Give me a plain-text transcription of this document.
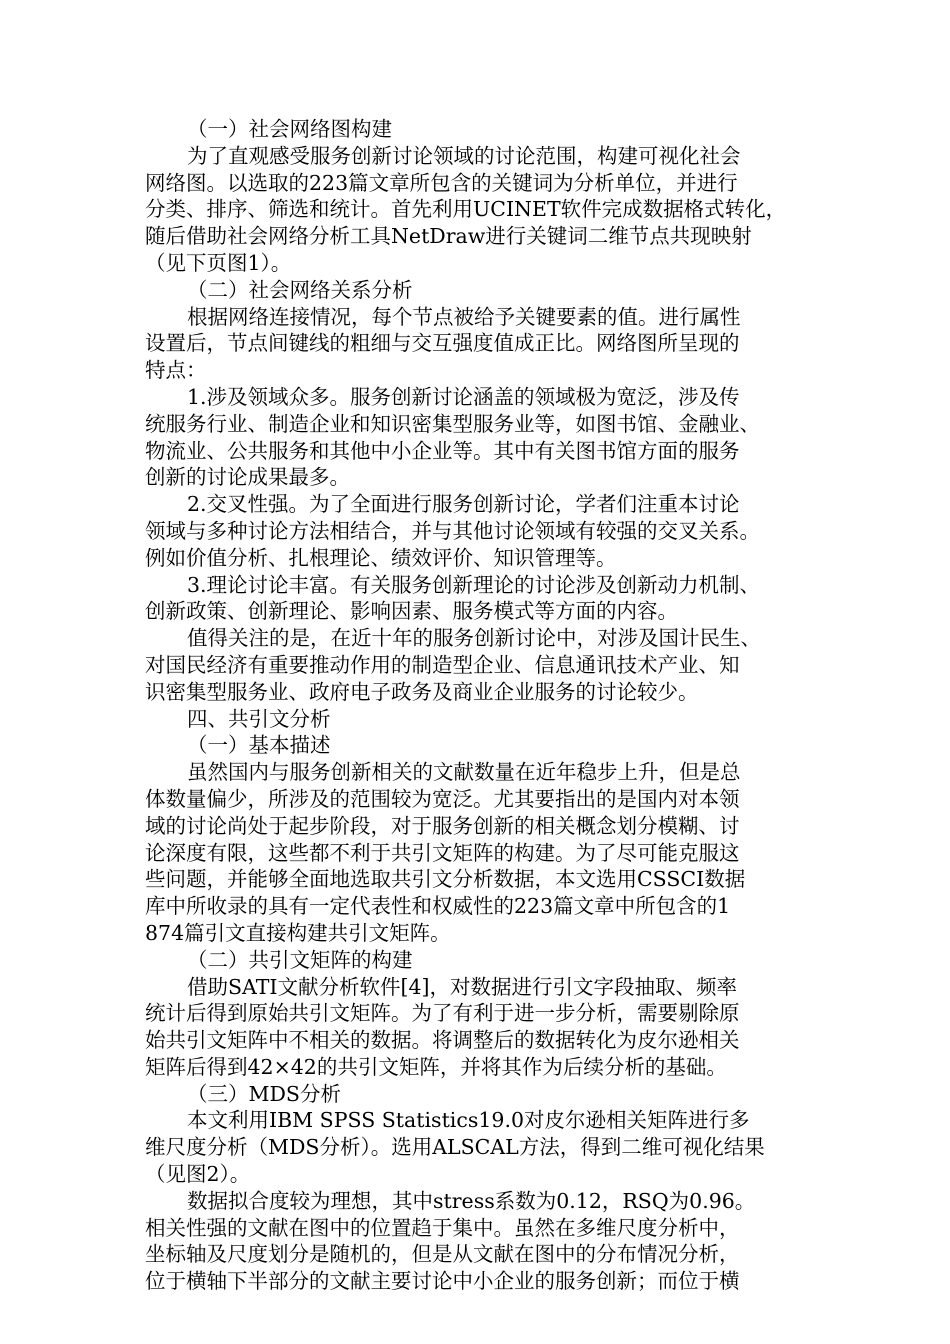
（一）社会网络图构建
为了直观感受服务创新讨论领域的讨论范围，构建可视化社会
网络图。以选取的223篇文章所包含的关键词为分析单位，并进行
分类、排序、筛选和统计。首先利用UCINET软件完成数据格式转化，
随后借助社会网络分析工具NetDraw进行关键词二维节点共现映射
（见下页图1）。
（二）社会网络关系分析
根据网络连接情况，每个节点被给予关键要素的值。进行属性
设置后，节点间键线的粗细与交互强度值成正比。网络图所呈现的
特点：
1.涉及领域众多。服务创新讨论涵盖的领域极为宽泛，涉及传
统服务行业、制造企业和知识密集型服务业等，如图书馆、金融业、
物流业、公共服务和其他中小企业等。其中有关图书馆方面的服务
创新的讨论成果最多。
2.交叉性强。为了全面进行服务创新讨论，学者们注重本讨论
领域与多种讨论方法相结合，并与其他讨论领域有较强的交叉关系。
例如价值分析、扎根理论、绩效评价、知识管理等。
3.理论讨论丰富。有关服务创新理论的讨论涉及创新动力机制、
创新政策、创新理论、影响因素、服务模式等方面的内容。
值得关注的是，在近十年的服务创新讨论中，对涉及国计民生、
对国民经济有重要推动作用的制造型企业、信息通讯技术产业、知
识密集型服务业、政府电子政务及商业企业服务的讨论较少。
四、共引文分析
（一）基本描述
虽然国内与服务创新相关的文献数量在近年稳步上升，但是总
体数量偏少，所涉及的范围较为宽泛。尤其要指出的是国内对本领
域的讨论尚处于起步阶段，对于服务创新的相关概念划分模糊、讨
论深度有限，这些都不利于共引文矩阵的构建。为了尽可能克服这
些问题，并能够全面地选取共引文分析数据，本文选用CSSCI数据
库中所收录的具有一定代表性和权威性的223篇文章中所包含的1
874篇引文直接构建共引文矩阵。
（二）共引文矩阵的构建
借助SATI文献分析软件[4]，对数据进行引文字段抽取、频率
统计后得到原始共引文矩阵。为了有利于进一步分析，需要剔除原
始共引文矩阵中不相关的数据。将调整后的数据转化为皮尔逊相关
矩阵后得到42×42的共引文矩阵，并将其作为后续分析的基础。
（三）MDS分析
本文利用IBM SPSS Statistics19.0对皮尔逊相关矩阵进行多
维尺度分析（MDS分析）。选用ALSCAL方法，得到二维可视化结果
（见图2）。
数据拟合度较为理想，其中stress系数为0.12，RSQ为0.96。
相关性强的文献在图中的位置趋于集中。虽然在多维尺度分析中，
坐标轴及尺度划分是随机的，但是从文献在图中的分布情况分析，
位于横轴下半部分的文献主要讨论中小企业的服务创新；而位于横
